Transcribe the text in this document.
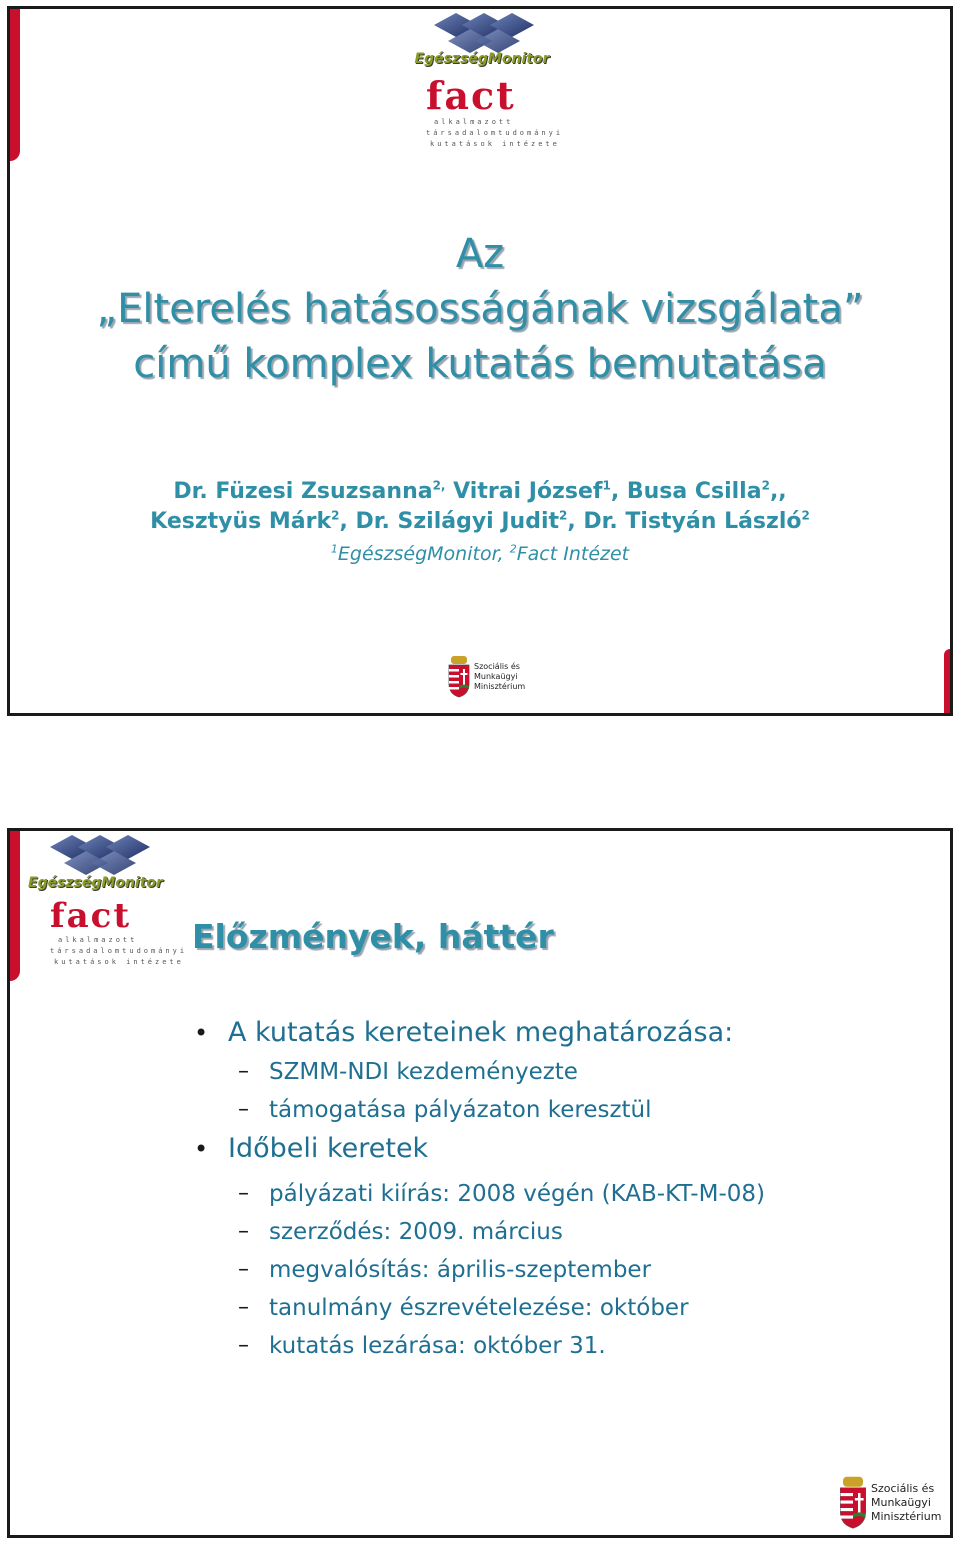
EgészségMonitor
fact
alkalmazott
társadalomtudományi
kutatások intézete
Az
„Elterelés hatásosságának vizsgálata”
című komplex kutatás bemutatása
Dr. Füzesi Zsuzsanna$^{2,}$ Vitrai József$^1$, Busa Csilla$^2$,,
Kesztyüs Márk$^2$, Dr. Szilágyi Judit$^2$, Dr. Tistyán László$^2$
$^1$EgészségMonitor, $^2$Fact Intézet
Szociális és
Munkaügyi
Minisztérium
EgészségMonitor
fact
alkalmazott
társadalomtudományi
kutatások intézete
Előzmények, háttér
• A kutatás kereteinek meghatározása:
– SZMM-NDI kezdeményezte
– támogatása pályázaton keresztül
• Időbeli keretek
– pályázati kiírás: 2008 végén (KAB-KT-M-08)
– szerződés: 2009. március
– megvalósítás: április-szeptember
– tanulmány észrevételezése: október
– kutatás lezárása: október 31.
Szociális és
Munkaügyi
Minisztérium
